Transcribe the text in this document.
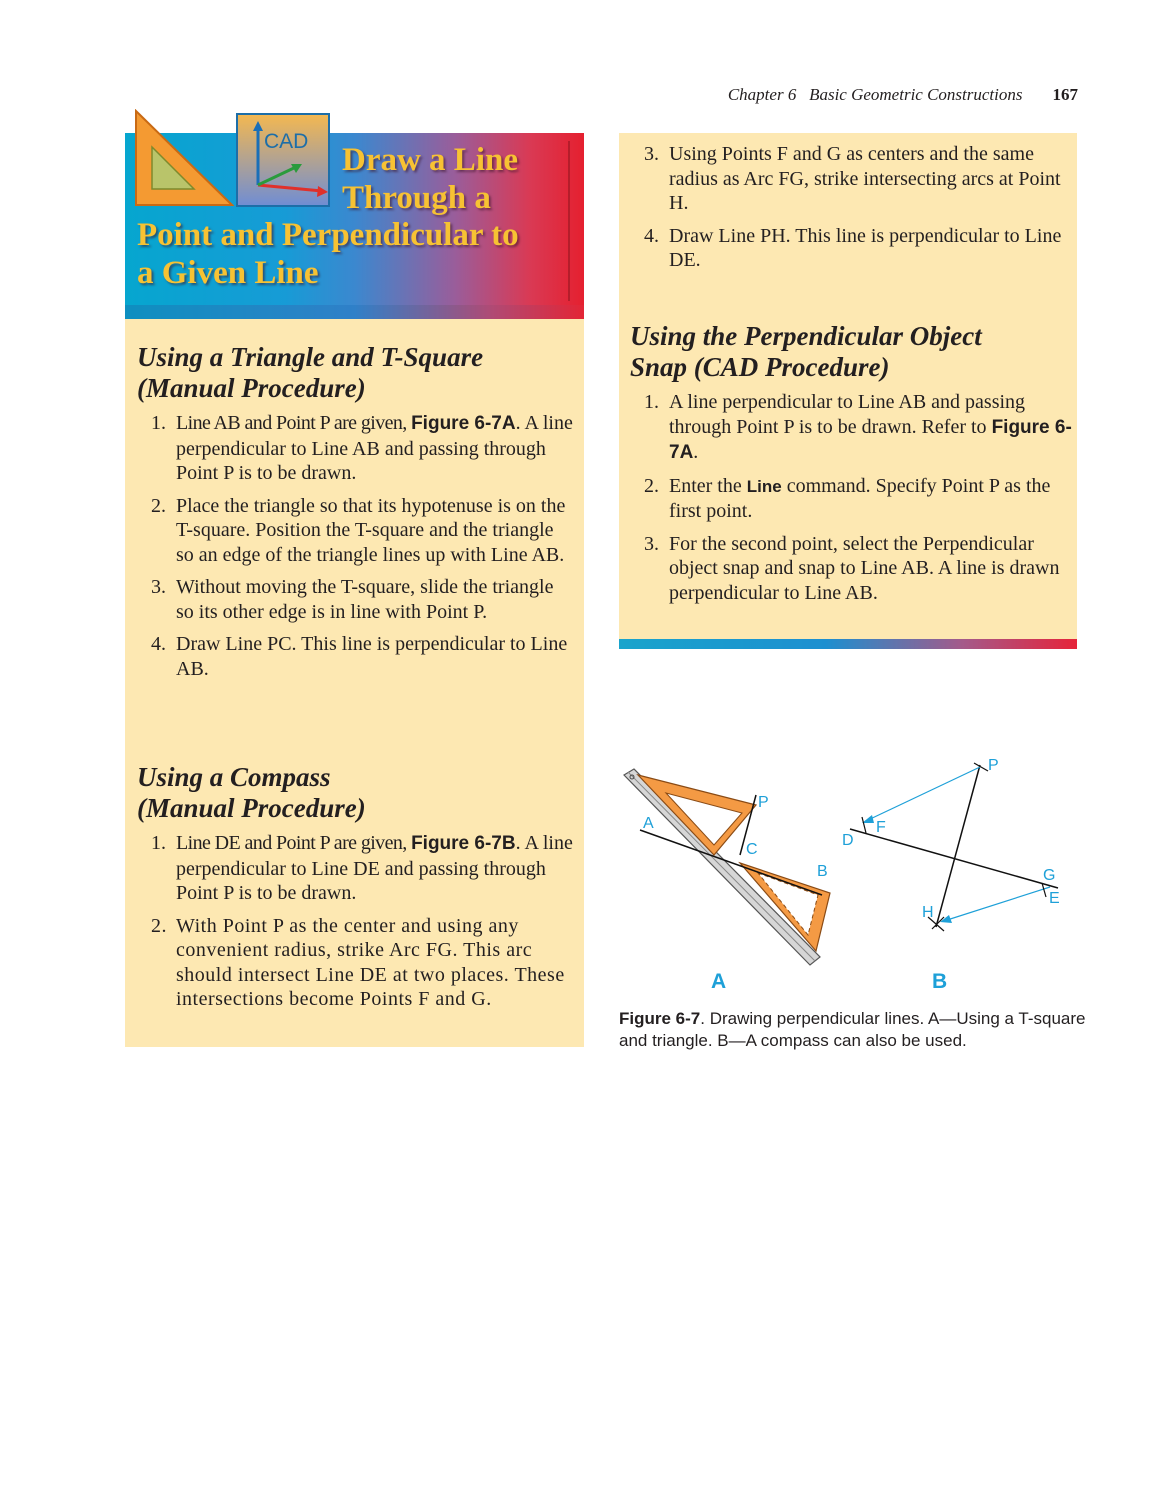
Chapter 6   Basic Geometric Constructions 167
CAD
Draw a Line
Through a
Point and Perpendicular to
a Given Line
Using a Triangle and T-Square
(Manual Procedure)
1. Line AB and Point P are given, Figure 6-7A. A line perpendicular to Line AB and passing through Point P is to be drawn.
2. Place the triangle so that its hypotenuse is on the T-square. Position the T-square and the triangle so an edge of the triangle lines up with Line AB.
3. Without moving the T-square, slide the triangle so its other edge is in line with Point P.
4. Draw Line PC. This line is perpendicular to Line AB.
Using a Compass
(Manual Procedure)
1. Line DE and Point P are given, Figure 6-7B. A line perpendicular to Line DE and passing through Point P is to be drawn.
2. With Point P as the center and using any convenient radius, strike Arc FG. This arc should intersect Line DE at two places. These intersections become Points F and G.
3. Using Points F and G as centers and the same radius as Arc FG, strike intersecting arcs at Point H.
4. Draw Line PH. This line is perpendicular to Line DE.
Using the Perpendicular Object
Snap (CAD Procedure)
1. A line perpendicular to Line AB and passing through Point P is to be drawn. Refer to Figure 6-7A.
2. Enter the Line command. Specify Point P as the first point.
3. For the second point, select the Perpendicular object snap and snap to Line AB. A line is drawn perpendicular to Line AB.
A
P
C
B
A
P
D
F
G
E
H
B
Figure 6-7. Drawing perpendicular lines. A—Using a T-square and triangle. B—A compass can also be used.
